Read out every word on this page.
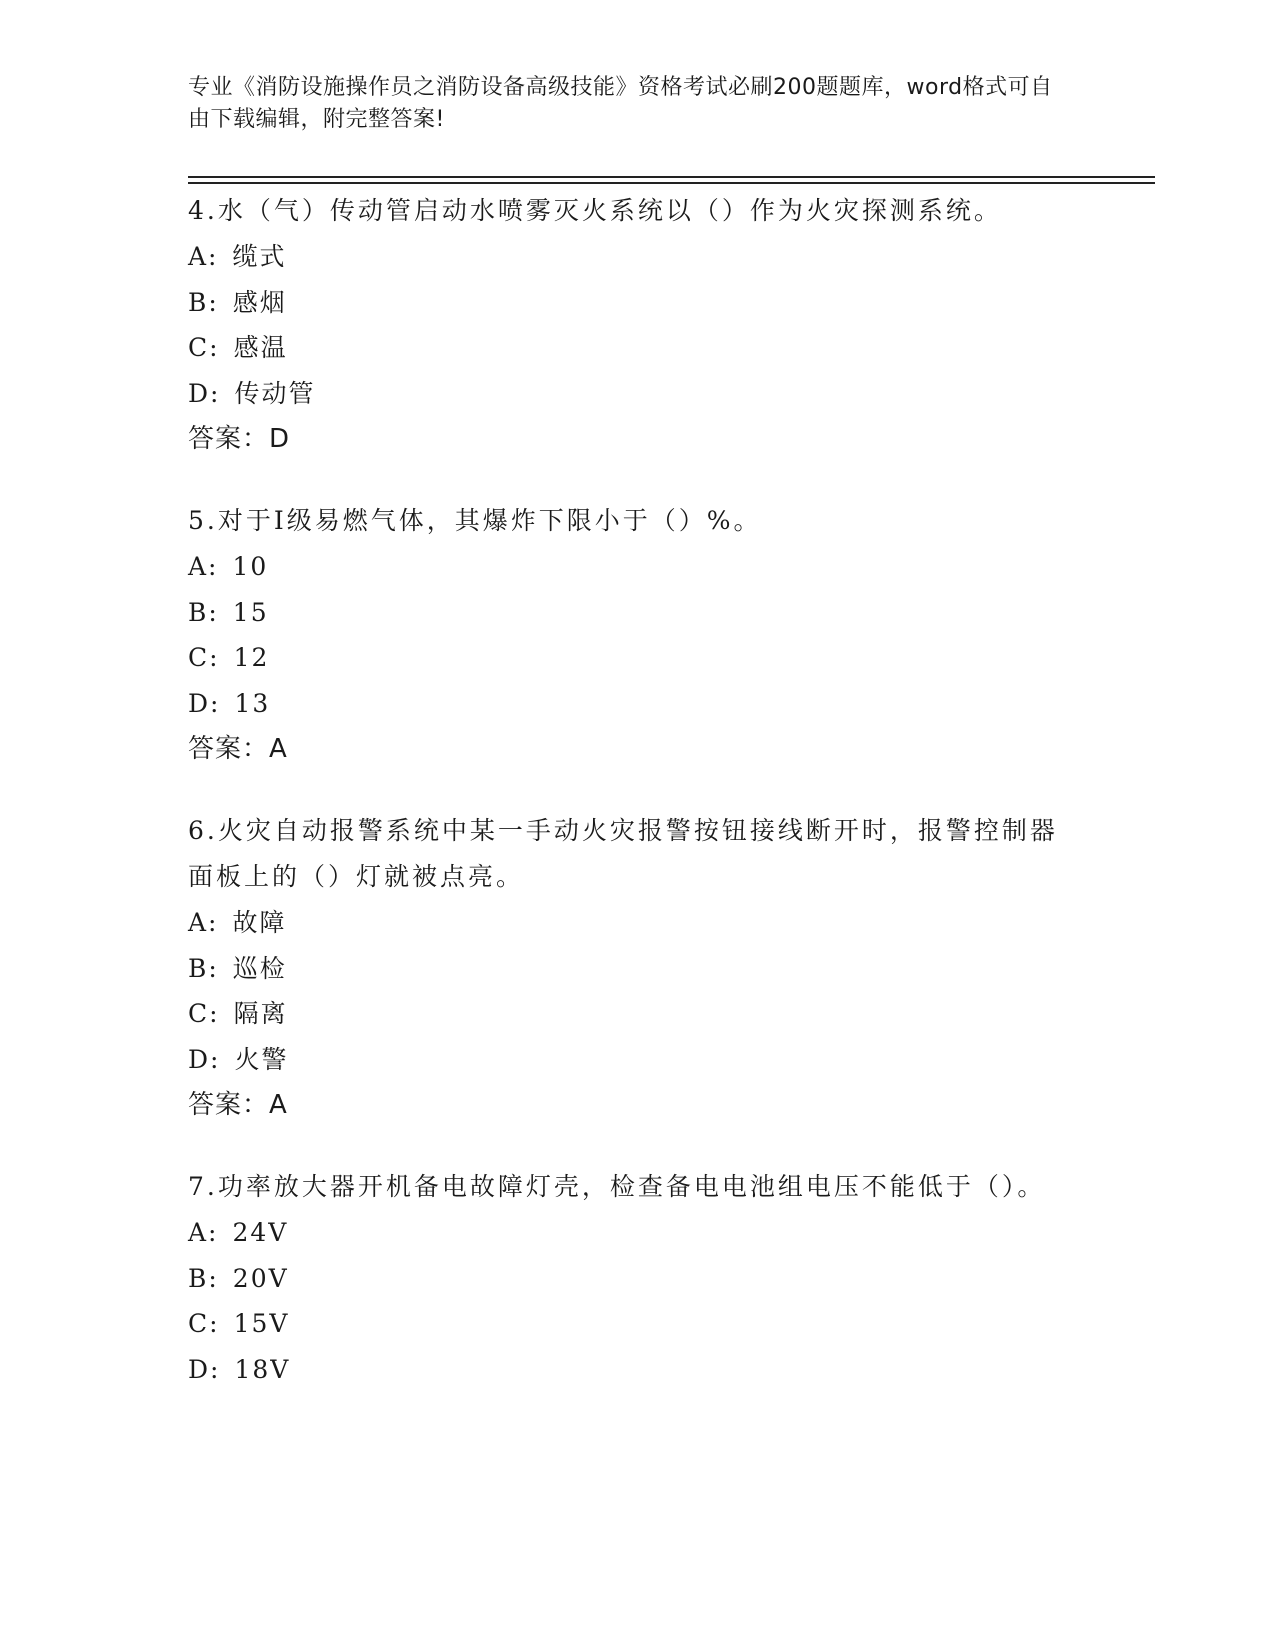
专业《消防设施操作员之消防设备高级技能》资格考试必刷200题题库，word格式可自由下载编辑，附完整答案!

4.水（气）传动管启动水喷雾灭火系统以（）作为火灾探测系统。

A: 缆式
B: 感烟
C: 感温
D: 传动管
答案：D

5.对于Ⅰ级易燃气体，其爆炸下限小于（）%。

A: 10
B: 15
C: 12
D: 13
答案：A

6.火灾自动报警系统中某一手动火灾报警按钮接线断开时，报警控制器面板上的（）灯就被点亮。

A: 故障
B: 巡检
C: 隔离
D: 火警
答案：A

7.功率放大器开机备电故障灯壳，检查备电电池组电压不能低于（）。

A: 24V
B: 20V
C: 15V
D: 18V
